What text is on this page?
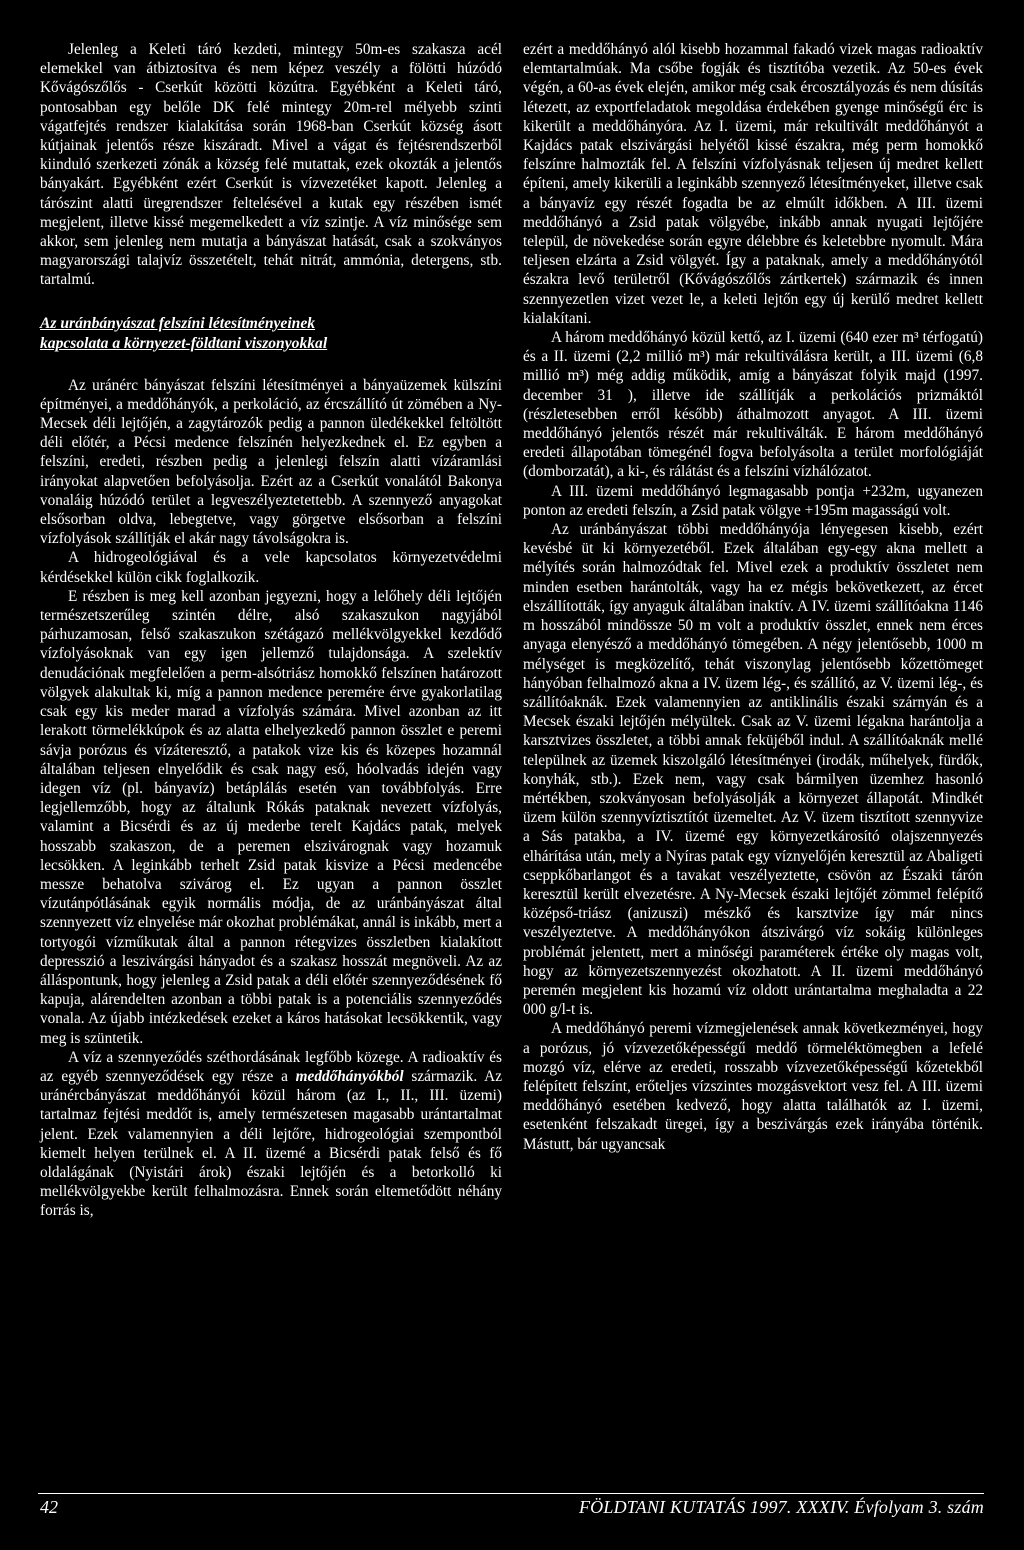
Jelenleg a Keleti táró kezdeti, mintegy 50m-es szakasza acél elemekkel van átbiztosítva és nem képez veszély a fölötti húzódó Kővágószőlős - Cserkút közötti közútra. Egyébként a Keleti táró, pontosabban egy belőle DK felé mintegy 20m-rel mélyebb szinti vágatfejtés rendszer kialakítása során 1968-ban Cserkút község ásott kútjainak jelentős része kiszáradt. Mivel a vágat és fejtésrendszerből kiinduló szerkezeti zónák a község felé mutattak, ezek okozták a jelentős bányakárt. Egyébként ezért Cserkút is vízvezetéket kapott. Jelenleg a tárószint alatti üregrendszer feltelésével a kutak egy részében ismét megjelent, illetve kissé megemelkedett a víz szintje. A víz minősége sem akkor, sem jelenleg nem mutatja a bányászat hatását, csak a szokványos magyarországi talajvíz összetételt, tehát nitrát, ammónia, detergens, stb. tartalmú.

Az uránbányászat felszíni létesítményeinek
kapcsolata a környezet-földtani viszonyokkal

Az uránérc bányászat felszíni létesítményei a bányaüzemek külszíni építményei, a meddőhányók, a perkoláció, az ércszállító út zömében a Ny-Mecsek déli lejtőjén, a zagytározók pedig a pannon üledékekkel feltöltött déli előtér, a Pécsi medence felszínén helyezkednek el. Ez egyben a felszíni, eredeti, részben pedig a jelenlegi felszín alatti vízáramlási irányokat alapvetően befolyásolja. Ezért az a Cserkút vonalától Bakonya vonaláig húzódó terület a legveszélyeztetettebb. A szennyező anyagokat elsősorban oldva, lebegtetve, vagy görgetve elsősorban a felszíni vízfolyások szállítják el akár nagy távolságokra is.

A hidrogeológiával és a vele kapcsolatos környezetvédelmi kérdésekkel külön cikk foglalkozik.

E részben is meg kell azonban jegyezni, hogy a lelőhely déli lejtőjén természetszerűleg szintén délre, alsó szakaszukon nagyjából párhuzamosan, felső szakaszukon szétágazó mellékvölgyekkel kezdődő vízfolyásoknak van egy igen jellemző tulajdonsága. A szelektív denudációnak megfelelően a perm-alsótriász homokkő felszínen határozott völgyek alakultak ki, míg a pannon medence peremére érve gyakorlatilag csak egy kis meder marad a vízfolyás számára. Mivel azonban az itt lerakott törmelékkúpok és az alatta elhelyezkedő pannon összlet e peremi sávja porózus és vízáteresztő, a patakok vize kis és közepes hozamnál általában teljesen elnyelődik és csak nagy eső, hóolvadás idején vagy idegen víz (pl. bányavíz) betáplálás esetén van továbbfolyás. Erre legjellemzőbb, hogy az általunk Rókás pataknak nevezett vízfolyás, valamint a Bicsérdi és az új mederbe terelt Kajdács patak, melyek hosszabb szakaszon, de a peremen elszivárognak vagy hozamuk lecsökken. A leginkább terhelt Zsid patak kisvize a Pécsi medencébe messze behatolva szivárog el. Ez ugyan a pannon összlet vízutánpótlásának egyik normális módja, de az uránbányászat által szennyezett víz elnyelése már okozhat problémákat, annál is inkább, mert a tortyogói vízműkutak által a pannon rétegvizes összletben kialakított depresszió a leszivárgási hányadot és a szakasz hosszát megnöveli. Az az álláspontunk, hogy jelenleg a Zsid patak a déli előtér szennyeződésének fő kapuja, alárendelten azonban a többi patak is a potenciális szennyeződés vonala. Az újabb intézkedések ezeket a káros hatásokat lecsökkentik, vagy meg is szüntetik.

A víz a szennyeződés széthordásának legfőbb közege. A radioaktív és az egyéb szennyeződések egy része a meddőhányókból származik. Az uránércbányászat meddőhányói közül három (az I., II., III. üzemi) tartalmaz fejtési meddőt is, amely természetesen magasabb urántartalmat jelent. Ezek valamennyien a déli lejtőre, hidrogeológiai szempontból kiemelt helyen terülnek el. A II. üzemé a Bicsérdi patak felső és fő oldalágának (Nyistári árok) északi lejtőjén és a betorkolló ki mellékvölgyekbe került felhalmozásra. Ennek során eltemetődött néhány forrás is,

ezért a meddőhányó alól kisebb hozammal fakadó vizek magas radioaktív elemtartalmúak. Ma csőbe fogják és tisztítóba vezetik. Az 50-es évek végén, a 60-as évek elején, amikor még csak ércosztályozás és nem dúsítás létezett, az exportfeladatok megoldása érdekében gyenge minőségű érc is kikerült a meddőhányóra. Az I. üzemi, már rekultivált meddőhányót a Kajdács patak elszivárgási helyétől kissé északra, még perm homokkő felszínre halmozták fel. A felszíni vízfolyásnak teljesen új medret kellett építeni, amely kikerüli a leginkább szennyező létesítményeket, illetve csak a bányavíz egy részét fogadta be az elmúlt időkben. A III. üzemi meddőhányó a Zsid patak völgyébe, inkább annak nyugati lejtőjére települ, de növekedése során egyre délebbre és keletebbre nyomult. Mára teljesen elzárta a Zsid völgyét. Így a pataknak, amely a meddőhányótól északra levő területről (Kővágószőlős zártkertek) származik és innen szennyezetlen vizet vezet le, a keleti lejtőn egy új kerülő medret kellett kialakítani.

A három meddőhányó közül kettő, az I. üzemi (640 ezer m³ térfogatú) és a II. üzemi (2,2 millió m³) már rekultiválásra került, a III. üzemi (6,8 millió m³) még addig működik, amíg a bányászat folyik majd (1997. december 31 ), illetve ide szállítják a perkolációs prizmáktól (részletesebben erről később) áthalmozott anyagot. A III. üzemi meddőhányó jelentős részét már rekultiválták. E három meddőhányó eredeti állapotában tömegénél fogva befolyásolta a terület morfológiáját (domborzatát), a ki-, és rálátást és a felszíni vízhálózatot.

A III. üzemi meddőhányó legmagasabb pontja +232m, ugyanezen ponton az eredeti felszín, a Zsid patak völgye +195m magasságú volt.

Az uránbányászat többi meddőhányója lényegesen kisebb, ezért kevésbé üt ki környezetéből. Ezek általában egy-egy akna mellett a mélyítés során halmozódtak fel. Mivel ezek a produktív összletet nem minden esetben harántolták, vagy ha ez mégis bekövetkezett, az ércet elszállították, így anyaguk általában inaktív. A IV. üzemi szállítóakna 1146 m hosszából mindössze 50 m volt a produktív összlet, ennek nem érces anyaga elenyésző a meddőhányó tömegében. A négy jelentősebb, 1000 m mélységet is megközelítő, tehát viszonylag jelentősebb kőzettömeget hányóban felhalmozó akna a IV. üzem lég-, és szállító, az V. üzemi lég-, és szállítóaknák. Ezek valamennyien az antiklinális északi szárnyán és a Mecsek északi lejtőjén mélyültek. Csak az V. üzemi légakna harántolja a karsztvizes összletet, a többi annak feküjéből indul. A szállítóaknák mellé települnek az üzemek kiszolgáló létesítményei (irodák, műhelyek, fürdők, konyhák, stb.). Ezek nem, vagy csak bármilyen üzemhez hasonló mértékben, szokványosan befolyásolják a környezet állapotát. Mindkét üzem külön szennyvíztisztítót üzemeltet. Az V. üzem tisztított szennyvize a Sás patakba, a IV. üzemé egy környezetkárosító olajszennyezés elhárítása után, mely a Nyíras patak egy víznyelőjén keresztül az Abaligeti cseppkőbarlangot és a tavakat veszélyeztette, csövön az Északi tárón keresztül került elvezetésre. A Ny-Mecsek északi lejtőjét zömmel felépítő középső-triász (anizuszi) mészkő és karsztvize így már nincs veszélyeztetve. A meddőhányókon átszivárgó víz sokáig különleges problémát jelentett, mert a minőségi paraméterek értéke oly magas volt, hogy az környezetszennyezést okozhatott. A II. üzemi meddőhányó peremén megjelent kis hozamú víz oldott urántartalma meghaladta a 22 000 g/l-t is.

A meddőhányó peremi vízmegjelenések annak következményei, hogy a porózus, jó vízvezetőképességű meddő törmeléktömegben a lefelé mozgó víz, elérve az eredeti, rosszabb vízvezetőképességű kőzetekből felépített felszínt, erőteljes vízszintes mozgásvektort vesz fel. A III. üzemi meddőhányó esetében kedvező, hogy alatta találhatók az I. üzemi, esetenként felszakadt üregei, így a beszivárgás ezek irányába történik. Mástutt, bár ugyancsak

42	FÖLDTANI KUTATÁS 1997. XXXIV. Évfolyam 3. szám
